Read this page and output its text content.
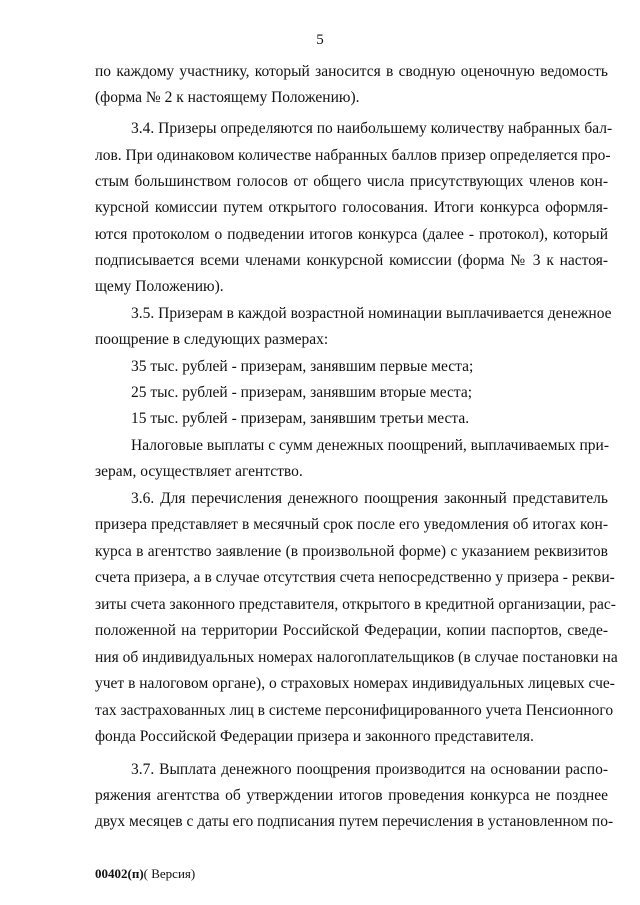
5
по каждому участнику, который заносится в сводную оценочную ведомость
(форма № 2 к настоящему Положению).
3.4. Призеры определяются по наибольшему количеству набранных бал-
лов. При одинаковом количестве набранных баллов призер определяется про-
стым большинством голосов от общего числа присутствующих членов кон-
курсной комиссии путем открытого голосования. Итоги конкурса оформля-
ются протоколом о подведении итогов конкурса (далее - протокол), который
подписывается всеми членами конкурсной комиссии (форма № 3 к настоя-
щему Положению).
3.5. Призерам в каждой возрастной номинации выплачивается денежное
поощрение в следующих размерах:
35 тыс. рублей - призерам, занявшим первые места;
25 тыс. рублей - призерам, занявшим вторые места;
15 тыс. рублей - призерам, занявшим третьи места.
Налоговые выплаты с сумм денежных поощрений, выплачиваемых при-
зерам, осуществляет агентство.
3.6. Для перечисления денежного поощрения законный представитель
призера представляет в месячный срок после его уведомления об итогах кон-
курса в агентство заявление (в произвольной форме) с указанием реквизитов
счета призера, а в случае отсутствия счета непосредственно у призера - рекви-
зиты счета законного представителя, открытого в кредитной организации, рас-
положенной на территории Российской Федерации, копии паспортов, сведе-
ния об индивидуальных номерах налогоплательщиков (в случае постановки на
учет в налоговом органе), о страховых номерах индивидуальных лицевых сче-
тах застрахованных лиц в системе персонифицированного учета Пенсионного
фонда Российской Федерации призера и законного представителя.
3.7. Выплата денежного поощрения производится на основании распо-
ряжения агентства об утверждении итогов проведения конкурса не позднее
двух месяцев с даты его подписания путем перечисления в установленном по-
00402(п)( Версия)
